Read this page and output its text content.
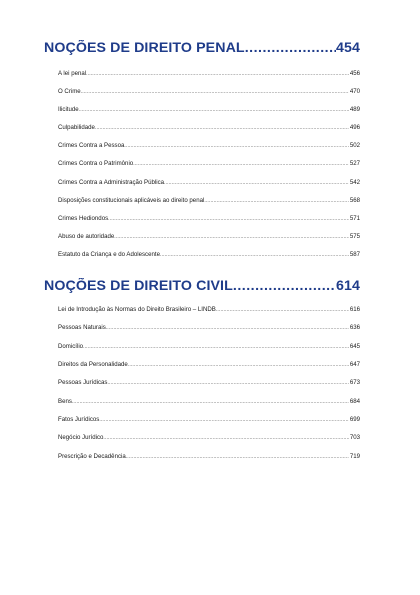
NOÇÕES DE DIREITO PENAL .....	454
A lei penal .....	456
O Crime .....	470
Ilicitude .....	489
Culpabilidade .....	496
Crimes Contra a Pessoa .....	502
Crimes Contra o Patrimônio .....	527
Crimes Contra a Administração Pública .....	542
Disposições constitucionais aplicáveis ao direito penal .....	568
Crimes Hediondos .....	571
Abuso de autoridade .....	575
Estatuto da Criança e do Adolescente .....	587
NOÇÕES DE DIREITO CIVIL .....	614
Lei de Introdução às Normas do Direito Brasileiro – LINDB .....	616
Pessoas Naturais .....	636
Domicílio .....	645
Direitos da Personalidade .....	647
Pessoas Jurídicas .....	673
Bens .....	684
Fatos Jurídicos .....	699
Negócio Jurídico .....	703
Prescrição e Decadência .....	719
